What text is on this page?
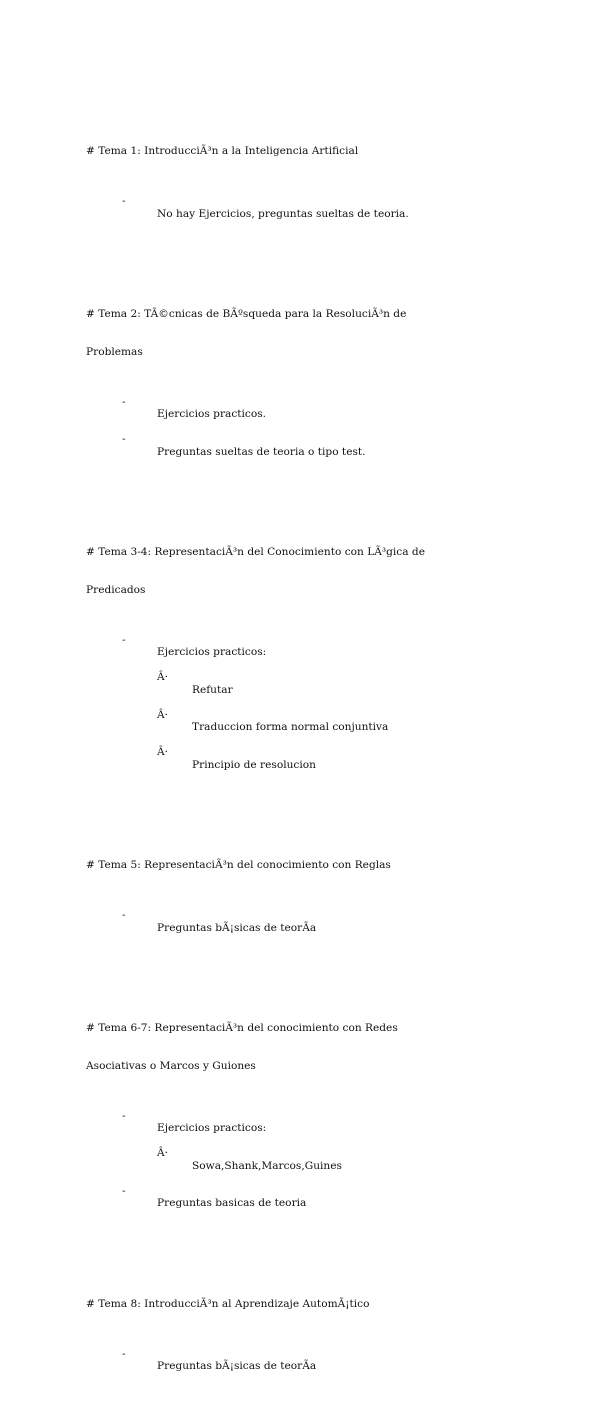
# Tema 1: IntroducciÃ³n a la Inteligencia Artificial

-

No hay Ejercicios, preguntas sueltas de teoria.

# Tema 2: TÃ©cnicas de BÃºsqueda para la ResoluciÃ³n de

Problemas

-

Ejercicios practicos.

-

Preguntas sueltas de teoria o tipo test.

# Tema 3-4: RepresentaciÃ³n del Conocimiento con LÃ³gica de

Predicados

-

Ejercicios practicos:

Â·

Refutar

Â·

Traduccion forma normal conjuntiva

Â·

Principio de resolucion

# Tema 5: RepresentaciÃ³n del conocimiento con Reglas

-

Preguntas bÃ¡sicas de teorÃa

# Tema 6-7: RepresentaciÃ³n del conocimiento con Redes

Asociativas o Marcos y Guiones

-

Ejercicios practicos:

Â·

Sowa,Shank,Marcos,Guines

-

Preguntas basicas de teoria

# Tema 8: IntroducciÃ³n al Aprendizaje AutomÃ¡tico

-

Preguntas bÃ¡sicas de teorÃa
